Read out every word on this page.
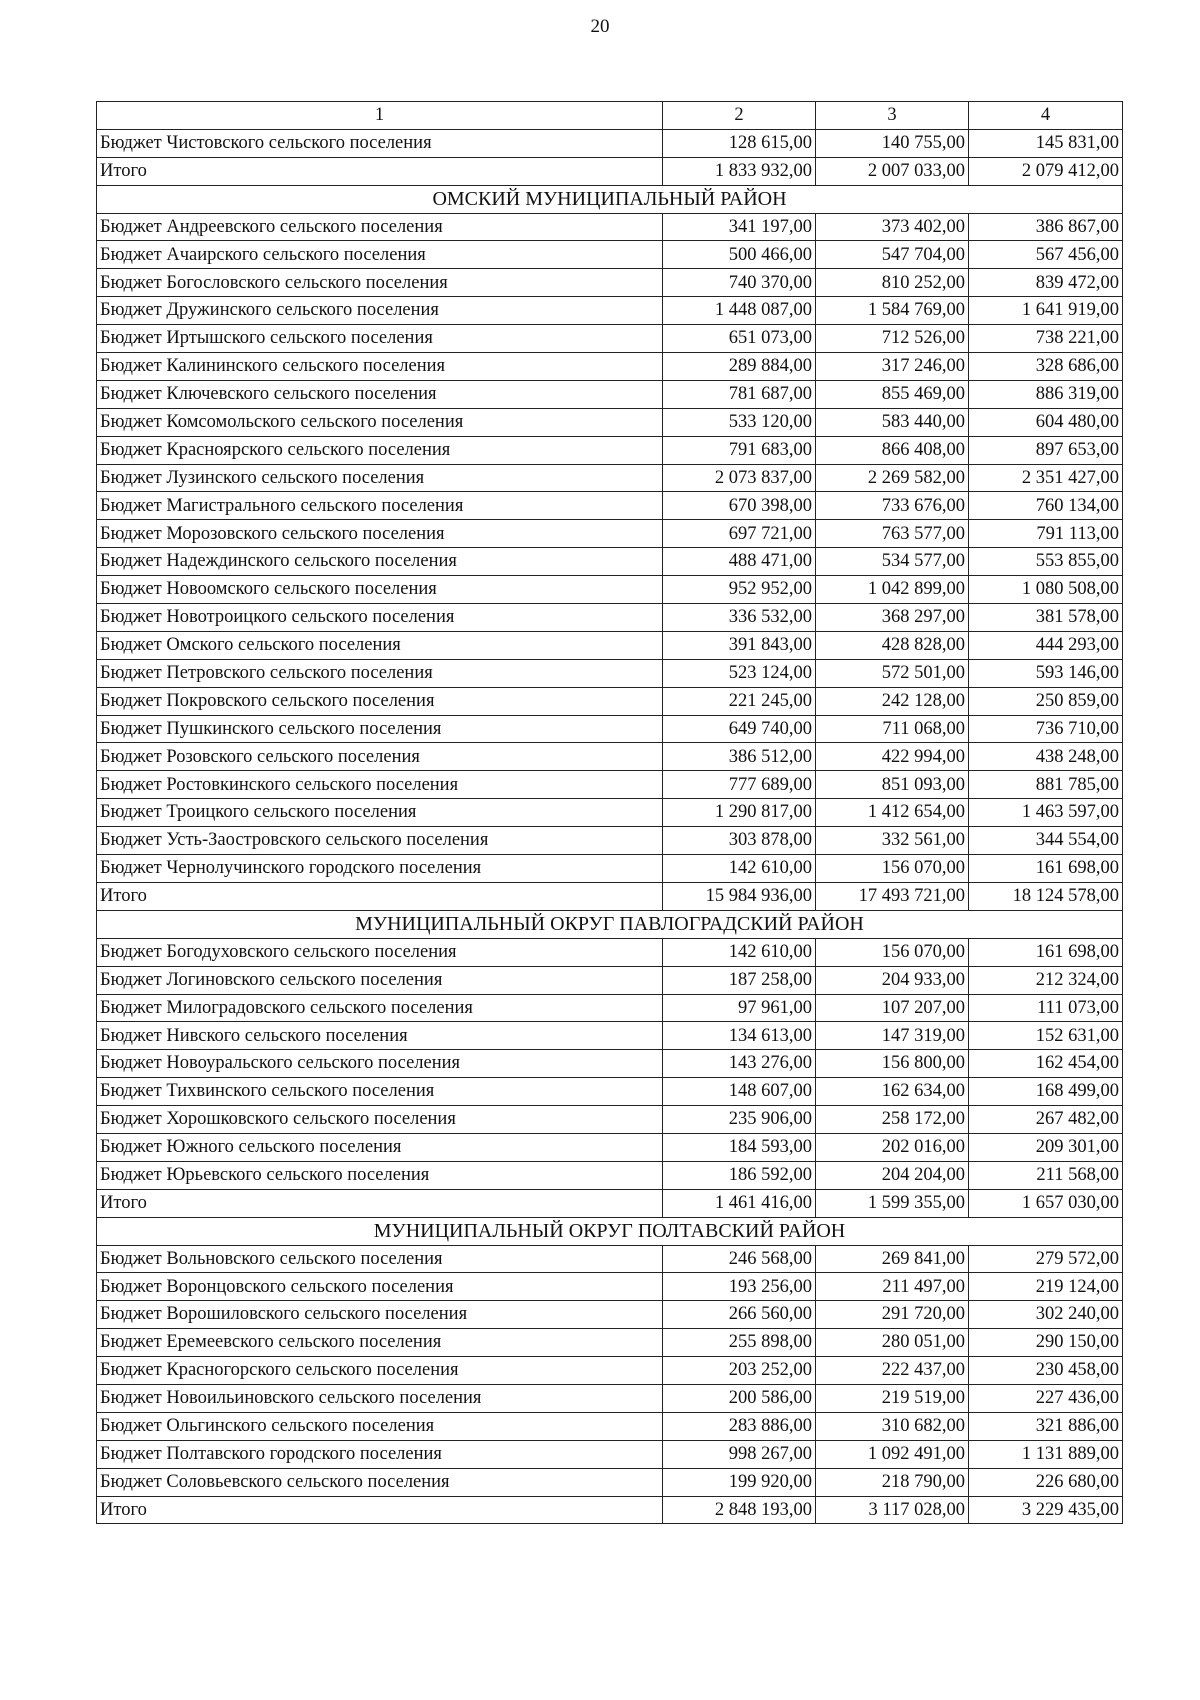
20
1	2	3	4
Бюджет Чистовского сельского поселения	128 615,00	140 755,00	145 831,00
Итого	1 833 932,00	2 007 033,00	2 079 412,00
ОМСКИЙ МУНИЦИПАЛЬНЫЙ РАЙОН			
Бюджет Андреевского сельского поселения	341 197,00	373 402,00	386 867,00
Бюджет Ачаирского сельского поселения	500 466,00	547 704,00	567 456,00
Бюджет Богословского сельского поселения	740 370,00	810 252,00	839 472,00
Бюджет Дружинского сельского поселения	1 448 087,00	1 584 769,00	1 641 919,00
Бюджет Иртышского сельского поселения	651 073,00	712 526,00	738 221,00
Бюджет Калининского сельского поселения	289 884,00	317 246,00	328 686,00
Бюджет Ключевского сельского поселения	781 687,00	855 469,00	886 319,00
Бюджет Комсомольского сельского поселения	533 120,00	583 440,00	604 480,00
Бюджет Красноярского сельского поселения	791 683,00	866 408,00	897 653,00
Бюджет Лузинского сельского поселения	2 073 837,00	2 269 582,00	2 351 427,00
Бюджет Магистрального сельского поселения	670 398,00	733 676,00	760 134,00
Бюджет Морозовского сельского поселения	697 721,00	763 577,00	791 113,00
Бюджет Надеждинского сельского поселения	488 471,00	534 577,00	553 855,00
Бюджет Новоомского сельского поселения	952 952,00	1 042 899,00	1 080 508,00
Бюджет Новотроицкого сельского поселения	336 532,00	368 297,00	381 578,00
Бюджет Омского сельского поселения	391 843,00	428 828,00	444 293,00
Бюджет Петровского сельского поселения	523 124,00	572 501,00	593 146,00
Бюджет Покровского сельского поселения	221 245,00	242 128,00	250 859,00
Бюджет Пушкинского сельского поселения	649 740,00	711 068,00	736 710,00
Бюджет Розовского сельского поселения	386 512,00	422 994,00	438 248,00
Бюджет Ростовкинского сельского поселения	777 689,00	851 093,00	881 785,00
Бюджет Троицкого сельского поселения	1 290 817,00	1 412 654,00	1 463 597,00
Бюджет Усть-Заостровского сельского поселения	303 878,00	332 561,00	344 554,00
Бюджет Чернолучинского городского поселения	142 610,00	156 070,00	161 698,00
Итого	15 984 936,00	17 493 721,00	18 124 578,00
МУНИЦИПАЛЬНЫЙ ОКРУГ ПАВЛОГРАДСКИЙ РАЙОН			
Бюджет Богодуховского сельского поселения	142 610,00	156 070,00	161 698,00
Бюджет Логиновского сельского поселения	187 258,00	204 933,00	212 324,00
Бюджет Милоградовского сельского поселения	97 961,00	107 207,00	111 073,00
Бюджет Нивского сельского поселения	134 613,00	147 319,00	152 631,00
Бюджет Новоуральского сельского поселения	143 276,00	156 800,00	162 454,00
Бюджет Тихвинского сельского поселения	148 607,00	162 634,00	168 499,00
Бюджет Хорошковского сельского поселения	235 906,00	258 172,00	267 482,00
Бюджет Южного сельского поселения	184 593,00	202 016,00	209 301,00
Бюджет Юрьевского сельского поселения	186 592,00	204 204,00	211 568,00
Итого	1 461 416,00	1 599 355,00	1 657 030,00
МУНИЦИПАЛЬНЫЙ ОКРУГ ПОЛТАВСКИЙ РАЙОН			
Бюджет Вольновского сельского поселения	246 568,00	269 841,00	279 572,00
Бюджет Воронцовского сельского поселения	193 256,00	211 497,00	219 124,00
Бюджет Ворошиловского сельского поселения	266 560,00	291 720,00	302 240,00
Бюджет Еремеевского сельского поселения	255 898,00	280 051,00	290 150,00
Бюджет Красногорского сельского поселения	203 252,00	222 437,00	230 458,00
Бюджет Новоильиновского сельского поселения	200 586,00	219 519,00	227 436,00
Бюджет Ольгинского сельского поселения	283 886,00	310 682,00	321 886,00
Бюджет Полтавского городского поселения	998 267,00	1 092 491,00	1 131 889,00
Бюджет Соловьевского сельского поселения	199 920,00	218 790,00	226 680,00
Итого	2 848 193,00	3 117 028,00	3 229 435,00
